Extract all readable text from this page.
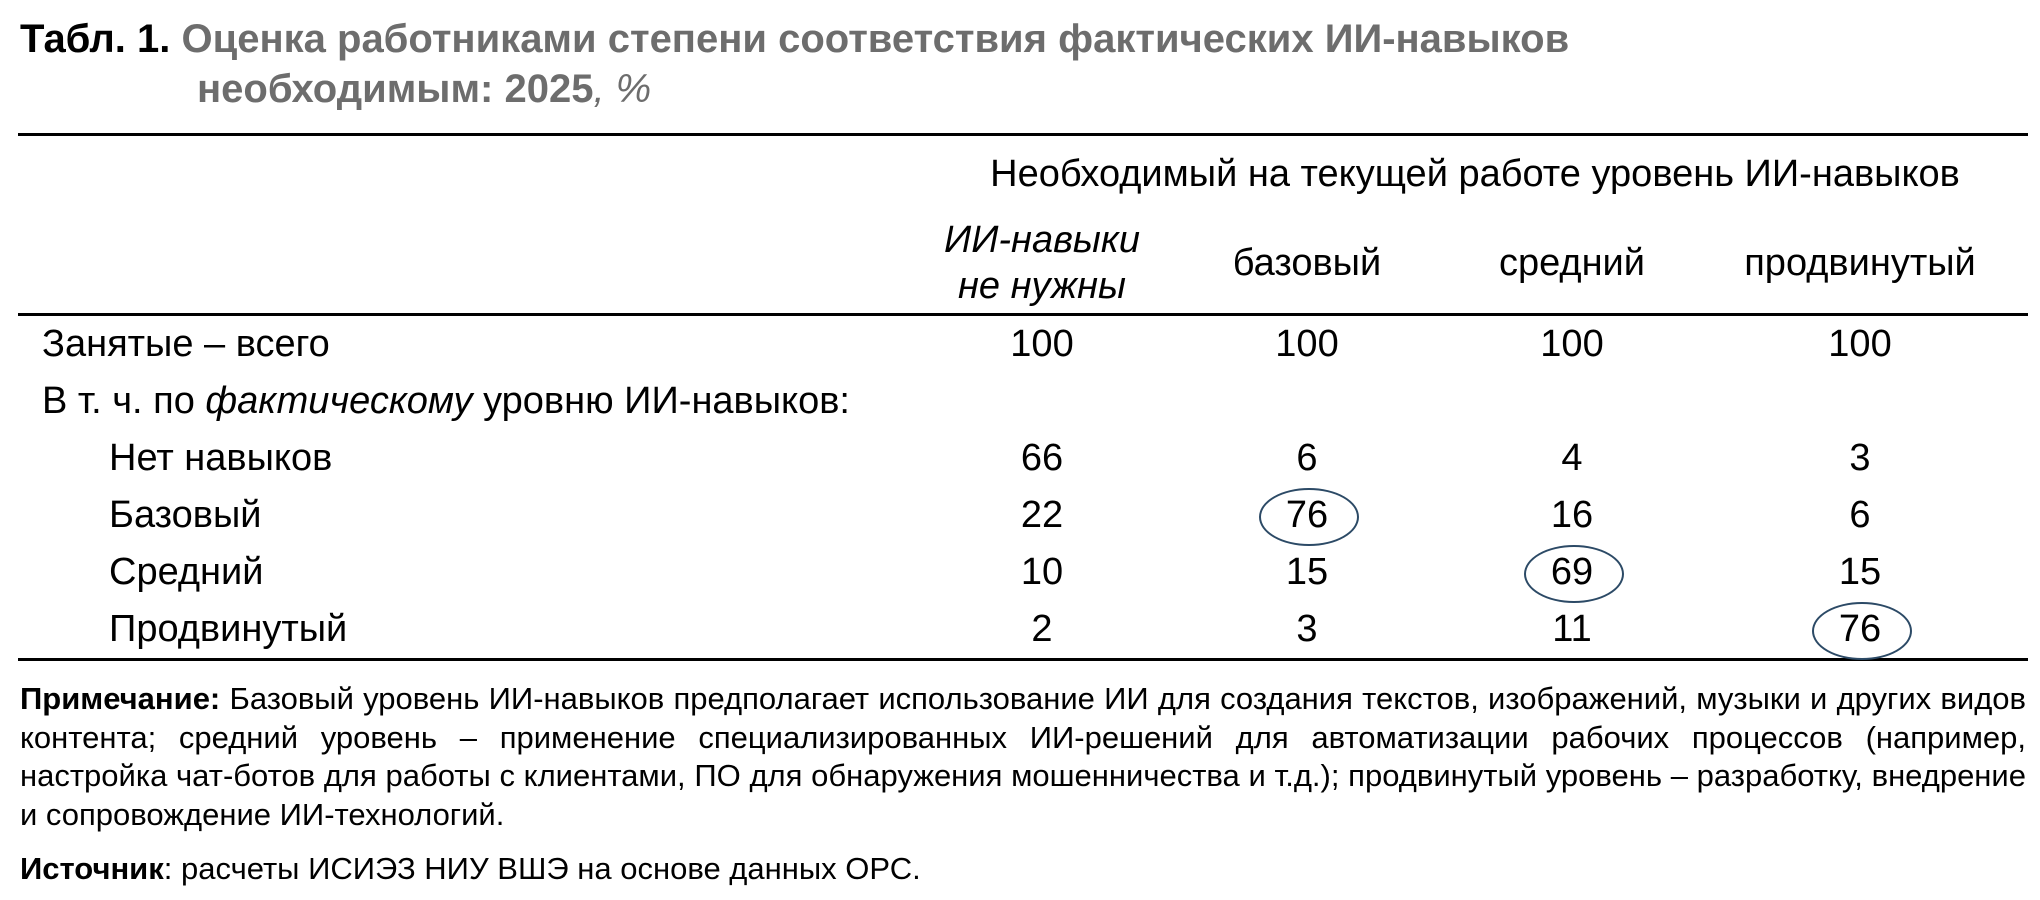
Табл. 1. Оценка работниками степени соответствия фактических ИИ-навыков
необходимым: 2025, %
	Необходимый на текущей работе уровень ИИ-навыков			

	ИИ-навыки
не нужны	базовый	средний	продвинутый
Занятые – всего	100	100	100	100
В т. ч. по фактическому уровню ИИ-навыков:				
Нет навыков	66	6	4	3
Базовый	22	76	16	6
Средний	10	15	69	15
Продвинутый	2	3	11	76
Примечание: Базовый уровень ИИ-навыков предполагает использование ИИ для создания текстов, изображений, музыки и других видов контента; средний уровень – применение специализированных ИИ-решений для автоматизации рабочих процессов (например, настройка чат-ботов для работы с клиентами, ПО для обнаружения мошенничества и т.д.); продвинутый уровень – разработку, внедрение и сопровождение ИИ-технологий.
Источник: расчеты ИСИЭЗ НИУ ВШЭ на основе данных ОРС.
